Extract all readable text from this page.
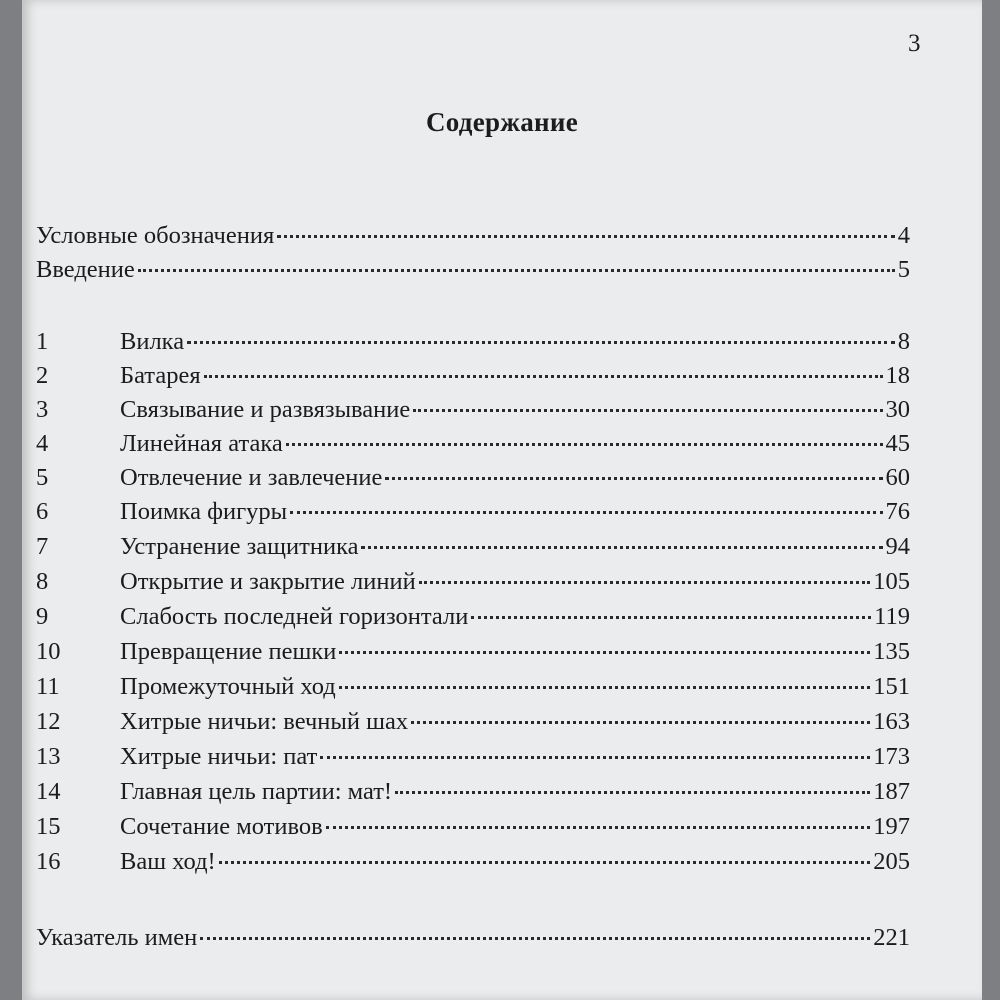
3
Содержание
Условные обозначения	4
Введение	5
1	Вилка	8
2	Батарея	18
3	Связывание и развязывание	30
4	Линейная атака	45
5	Отвлечение и завлечение	60
6	Поимка фигуры	76
7	Устранение защитника	94
8	Открытие и закрытие линий	105
9	Слабость последней горизонтали	119
10	Превращение пешки	135
11	Промежуточный ход	151
12	Хитрые ничьи: вечный шах	163
13	Хитрые ничьи: пат	173
14	Главная цель партии: мат!	187
15	Сочетание мотивов	197
16	Ваш ход!	205
Указатель имен	221
